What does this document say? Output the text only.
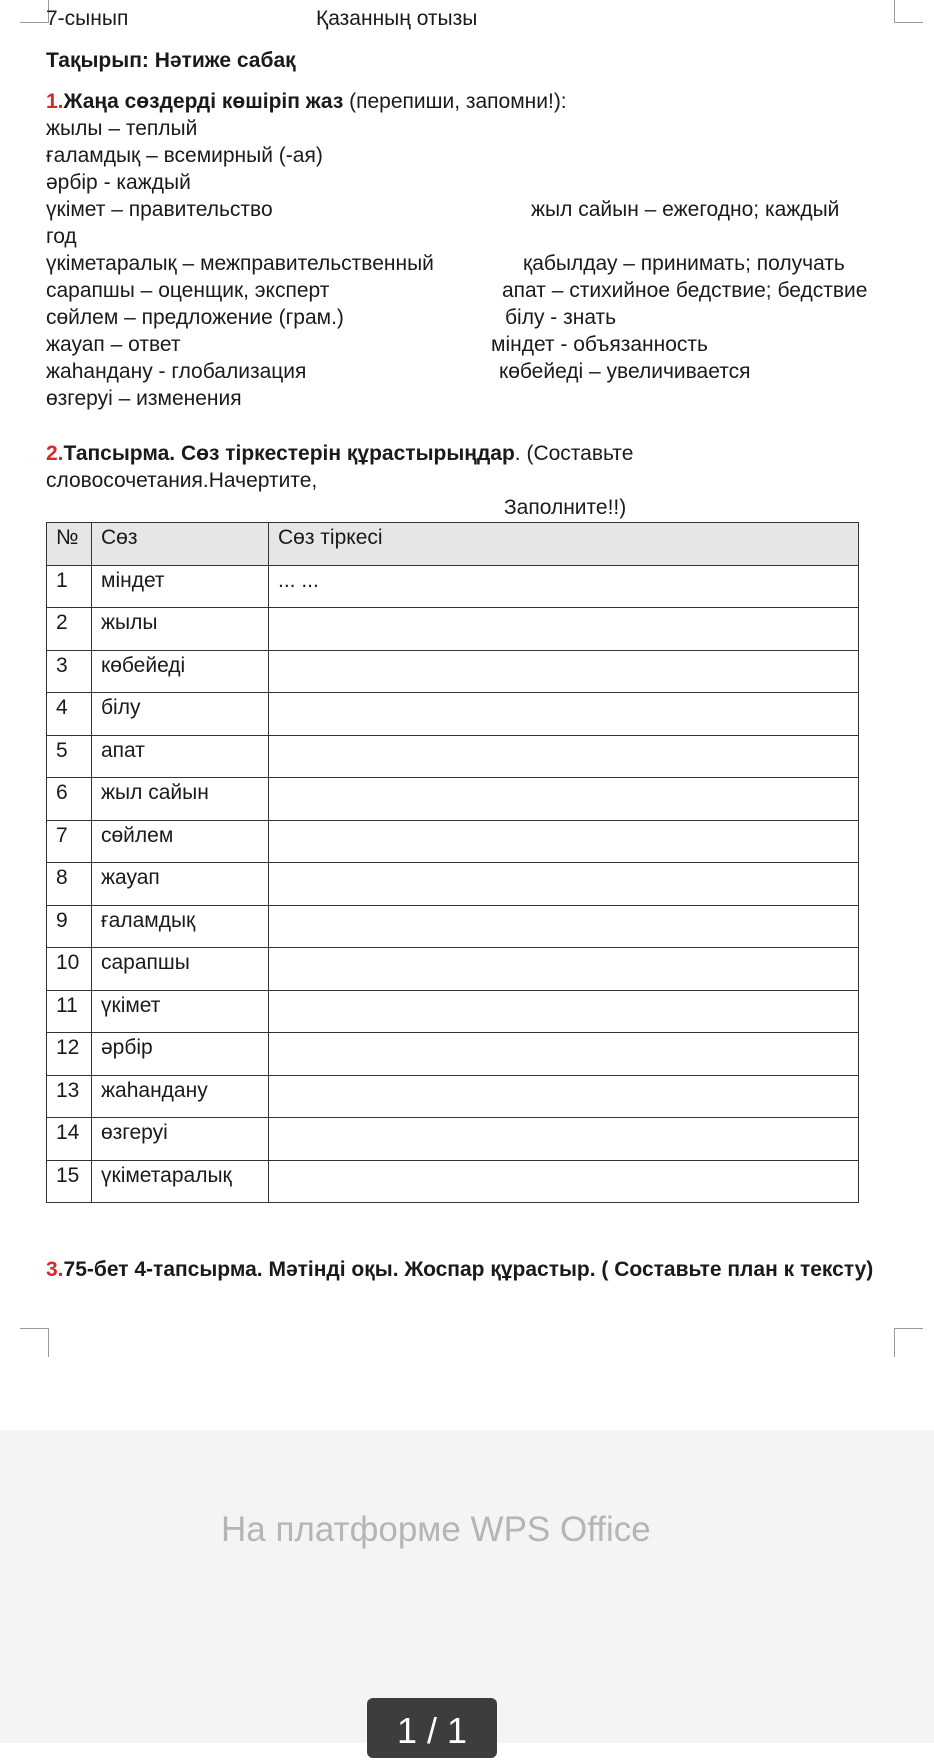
7-сынып	Қазанның отызы
Тақырып: Нәтиже сабақ
1.Жаңа сөздерді көшіріп жаз (перепиши, запомни!):
жылы – теплый
ғаламдық – всемирный (-ая)
әрбір - каждый
үкімет – правительство	жыл сайын – ежегодно; каждый
год
үкіметаралық – межправительственный	қабылдау – принимать; получать
сарапшы – оценщик, эксперт	апат – стихийное бедствие; бедствие
сөйлем – предложение (грам.)	білу - знать
жауап – ответ	міндет - объязанность
жаһандану - глобализация	көбейеді – увеличивается
өзгеруі – изменения
2.Тапсырма. Сөз тіркестерін құрастырыңдар. (Составьте
словосочетания.Начертите,
Заполните!!)
№	Сөз	Сөз тіркесі
1	міндет	... ...
2	жылы	
3	көбейеді	
4	білу	
5	апат	
6	жыл сайын	
7	сөйлем	
8	жауап	
9	ғаламдық	
10	сарапшы	
11	үкімет	
12	әрбір	
13	жаһандану	
14	өзгеруі	
15	үкіметаралық	
3.75-бет 4-тапсырма. Мәтінді оқы. Жоспар құрастыр. ( Составьте план к тексту)
На платформе WPS Office
1 / 1
